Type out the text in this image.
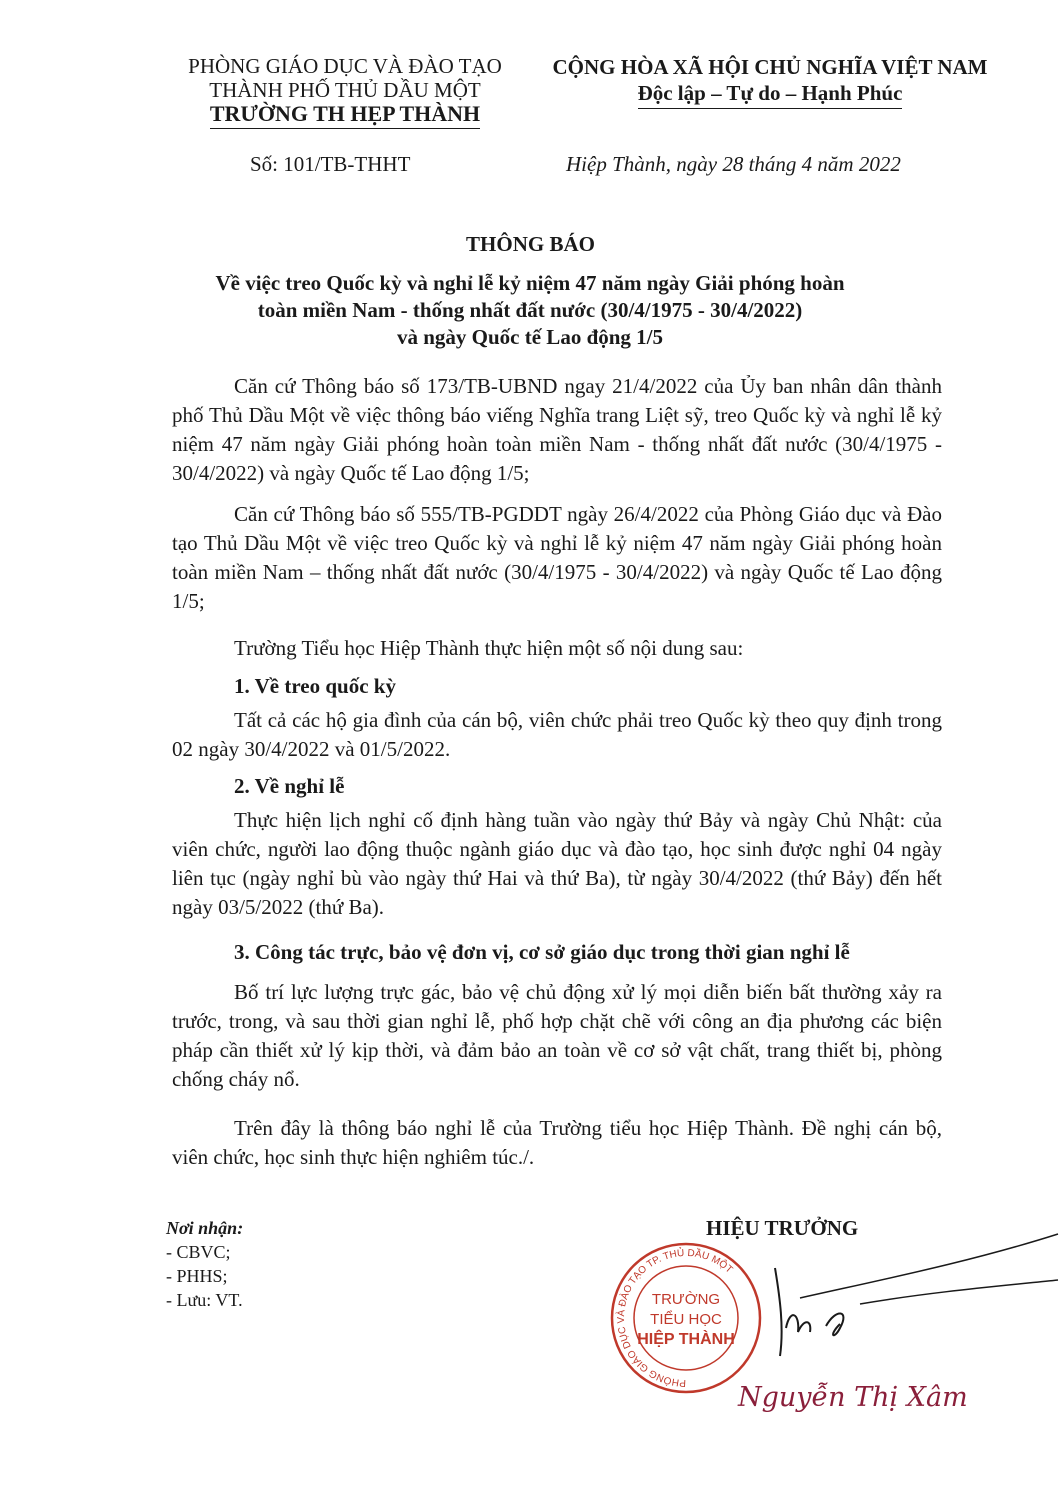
PHÒNG GIÁO DỤC VÀ ĐÀO TẠO
THÀNH PHỐ THỦ DẦU MỘT
TRƯỜNG TH HẸP THÀNH
CỘNG HÒA XÃ HỘI CHỦ NGHĨA VIỆT NAM
Độc lập – Tự do – Hạnh Phúc
Số: 101/TB-THHT	Hiệp Thành, ngày 28 tháng 4 năm 2022
THÔNG BÁO
Về việc treo Quốc kỳ và nghỉ lễ kỷ niệm 47 năm ngày Giải phóng hoàn
toàn miền Nam - thống nhất đất nước (30/4/1975 - 30/4/2022)
và ngày Quốc tế Lao động 1/5
Căn cứ Thông báo số 173/TB-UBND ngay 21/4/2022 của Ủy ban nhân dân thành phố Thủ Dầu Một về việc thông báo viếng Nghĩa trang Liệt sỹ, treo Quốc kỳ và nghỉ lễ kỷ niệm 47 năm ngày Giải phóng hoàn toàn miền Nam - thống nhất đất nước (30/4/1975 - 30/4/2022) và ngày Quốc tế Lao động 1/5;
Căn cứ Thông báo số 555/TB-PGDDT ngày 26/4/2022 của Phòng Giáo dục và Đào tạo Thủ Dầu Một về việc treo Quốc kỳ và nghỉ lễ kỷ niệm 47 năm ngày Giải phóng hoàn toàn miền Nam – thống nhất đất nước (30/4/1975 - 30/4/2022) và ngày Quốc tế Lao động 1/5;
Trường Tiểu học Hiệp Thành thực hiện một số nội dung sau:
1. Về treo quốc kỳ
Tất cả các hộ gia đình của cán bộ, viên chức phải treo Quốc kỳ theo quy định trong 02 ngày 30/4/2022 và 01/5/2022.
2. Về nghỉ lễ
Thực hiện lịch nghỉ cố định hàng tuần vào ngày thứ Bảy và ngày Chủ Nhật: của viên chức, người lao động thuộc ngành giáo dục và đào tạo, học sinh được nghỉ 04 ngày liên tục (ngày nghỉ bù vào ngày thứ Hai và thứ Ba), từ ngày 30/4/2022 (thứ Bảy) đến hết ngày 03/5/2022 (thứ Ba).
3. Công tác trực, bảo vệ đơn vị, cơ sở giáo dục trong thời gian nghỉ lễ
Bố trí lực lượng trực gác, bảo vệ chủ động xử lý mọi diễn biến bất thường xảy ra trước, trong, và sau thời gian nghỉ lễ, phố hợp chặt chẽ với công an địa phương các biện pháp cần thiết xử lý kịp thời, và đảm bảo an toàn về cơ sở vật chất, trang thiết bị, phòng chống cháy nổ.
Trên đây là thông báo nghỉ lễ của Trường tiểu học Hiệp Thành. Đề nghị cán bộ, viên chức, học sinh thực hiện nghiêm túc./.
Nơi nhận:
- CBVC;
- PHHS;
- Lưu: VT.
HIỆU TRƯỞNG
PHÒNG GIÁO DỤC VÀ ĐÀO TẠO TP. THỦ DẦU MỘT
TRƯỜNG
TIỂU HỌC
HIỆP THÀNH
Nguyễn Thị Xâm
